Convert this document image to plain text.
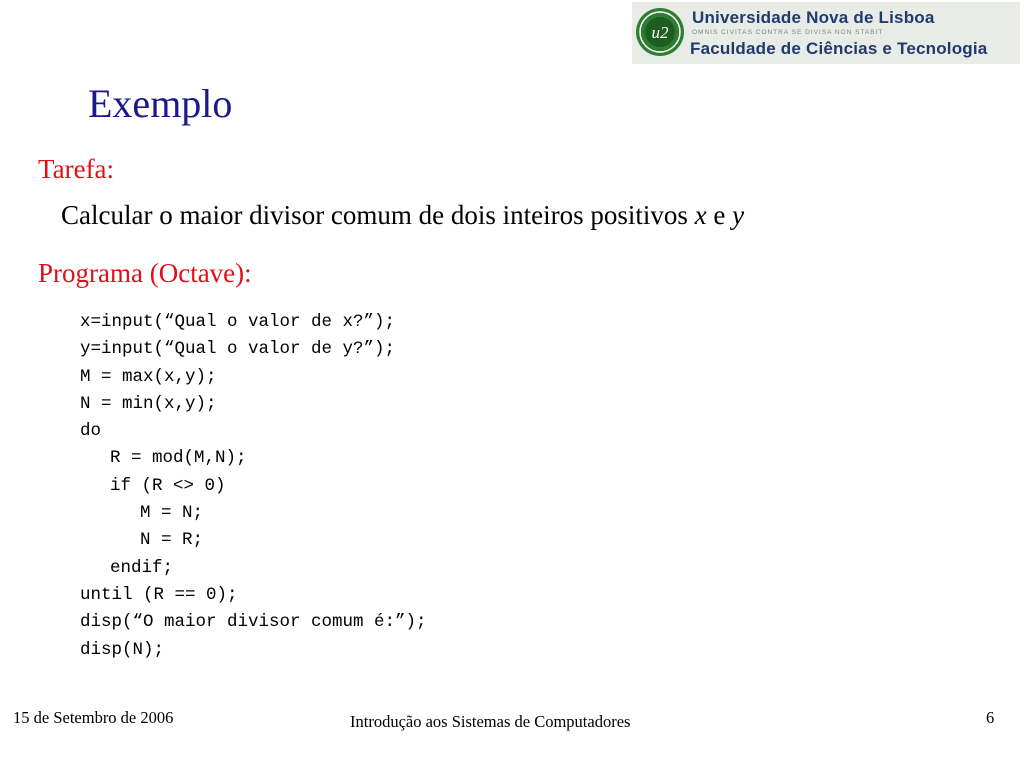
u2
Universidade Nova de Lisboa
OMNIS CIVITAS CONTRA SE DIVISA NON STABIT
Faculdade de Ciências e Tecnologia
Exemplo
Tarefa:
Calcular o maior divisor comum de dois inteiros positivos x e y
Programa (Octave):
x=input(“Qual o valor de x?”);
y=input(“Qual o valor de y?”);
M = max(x,y);
N = min(x,y);
do
R = mod(M,N);
if (R <> 0)
M = N;
N = R;
endif;
until (R == 0);
disp(“O maior divisor comum é:”);
disp(N);
15 de Setembro de 2006	Introdução aos Sistemas de Computadores	6
